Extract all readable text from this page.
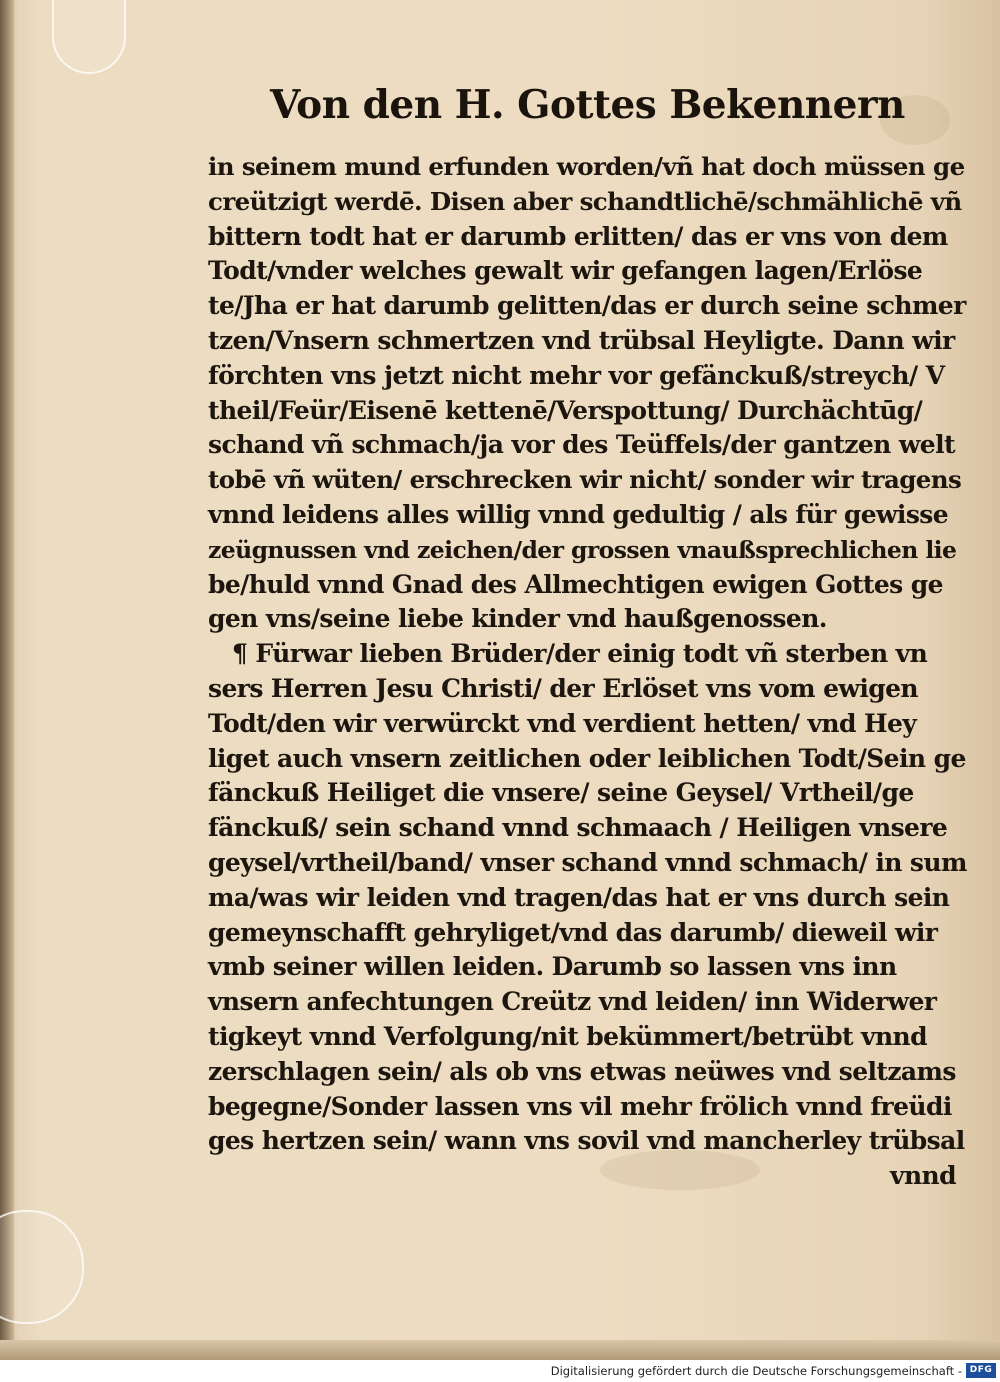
Von den H. Gottes Bekennern
in seinem mund erfunden worden/vñ hat doch müssen ge
creützigt werdē. Disen aber schandtlichē/schmählichē vñ
bittern todt hat er darumb erlitten/ das er vns von dem
Todt/vnder welches gewalt wir gefangen lagen/Erlöse
te/Jha er hat darumb gelitten/das er durch seine schmer
tzen/Vnsern schmertzen vnd trübsal Heyligte. Dann wir
förchten vns jetzt nicht mehr vor gefänckuß/streych/ V
theil/Feür/Eisenē kettenē/Verspottung/ Durchächtūg/
schand vñ schmach/ja vor des Teüffels/der gantzen welt
tobē vñ wüten/ erschrecken wir nicht/ sonder wir tragens
vnnd leidens alles willig vnnd gedultig / als für gewisse
zeügnussen vnd zeichen/der grossen vnaußsprechlichen lie
be/huld vnnd Gnad des Allmechtigen ewigen Gottes ge
gen vns/seine liebe kinder vnd haußgenossen.
¶ Fürwar lieben Brüder/der einig todt vñ sterben vn
sers Herren Jesu Christi/ der Erlöset vns vom ewigen
Todt/den wir verwürckt vnd verdient hetten/ vnd Hey
liget auch vnsern zeitlichen oder leiblichen Todt/Sein ge
fänckuß Heiliget die vnsere/ seine Geysel/ Vrtheil/ge
fänckuß/ sein schand vnnd schmaach / Heiligen vnsere
geysel/vrtheil/band/ vnser schand vnnd schmach/ in sum
ma/was wir leiden vnd tragen/das hat er vns durch sein
gemeynschafft gehryliget/vnd das darumb/ dieweil wir
vmb seiner willen leiden. Darumb so lassen vns inn
vnsern anfechtungen Creütz vnd leiden/ inn Widerwer
tigkeyt vnnd Verfolgung/nit bekümmert/betrübt vnnd
zerschlagen sein/ als ob vns etwas neüwes vnd seltzams
begegne/Sonder lassen vns vil mehr frölich vnnd freüdi
ges hertzen sein/ wann vns sovil vnd mancherley trübsal
vnnd
Digitalisierung gefördert durch die Deutsche Forschungsgemeinschaft - DFG
